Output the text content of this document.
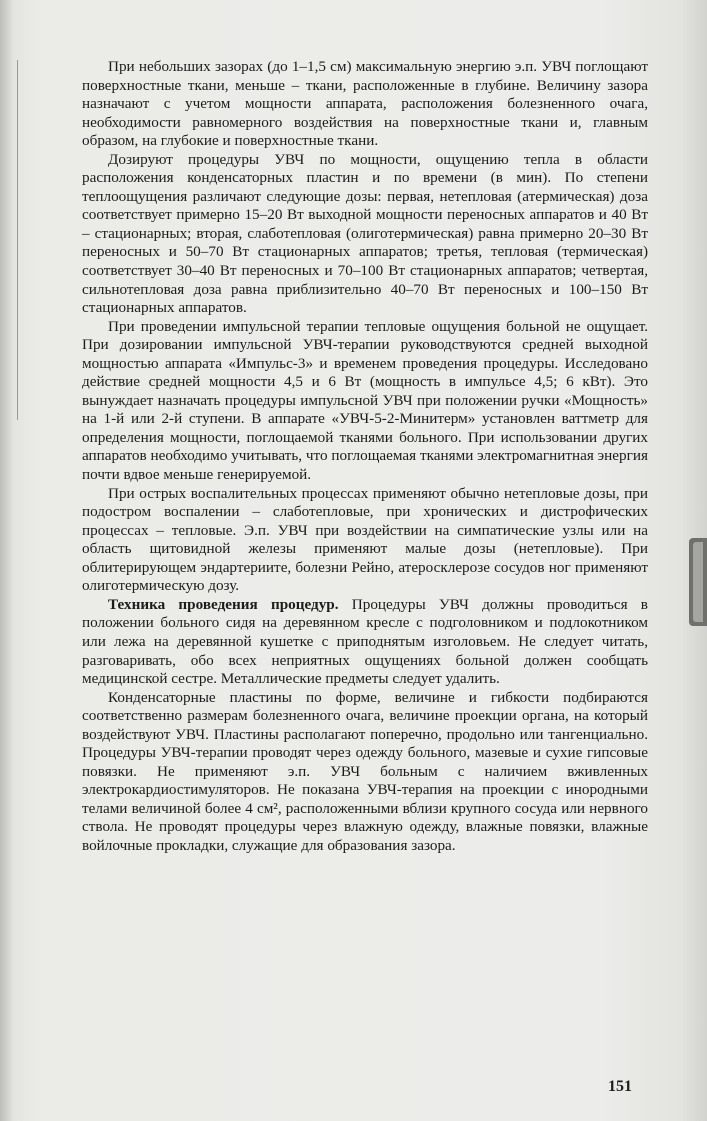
При небольших зазорах (до 1–1,5 см) максимальную энергию э.п. УВЧ поглощают поверхностные ткани, меньше – ткани, расположенные в глубине. Величину зазора назначают с учетом мощности аппарата, расположения болезненного очага, необходимости равномерного воздействия на поверхностные ткани и, главным образом, на глубокие и поверхностные ткани.

Дозируют процедуры УВЧ по мощности, ощущению тепла в области расположения конденсаторных пластин и по времени (в мин). По степени теплоощущения различают следующие дозы: первая, нетепловая (атермическая) доза соответствует примерно 15–20 Вт выходной мощности переносных аппаратов и 40 Вт – стационарных; вторая, слаботепловая (олиготермическая) равна примерно 20–30 Вт переносных и 50–70 Вт стационарных аппаратов; третья, тепловая (термическая) соответствует 30–40 Вт переносных и 70–100 Вт стационарных аппаратов; четвертая, сильнотепловая доза равна приблизительно 40–70 Вт переносных и 100–150 Вт стационарных аппаратов.

При проведении импульсной терапии тепловые ощущения больной не ощущает. При дозировании импульсной УВЧ-терапии руководствуются средней выходной мощностью аппарата «Импульс-3» и временем проведения процедуры. Исследовано действие средней мощности 4,5 и 6 Вт (мощность в импульсе 4,5; 6 кВт). Это вынуждает назначать процедуры импульсной УВЧ при положении ручки «Мощность» на 1-й или 2-й ступени. В аппарате «УВЧ-5-2-Минитерм» установлен ваттметр для определения мощности, поглощаемой тканями больного. При использовании других аппаратов необходимо учитывать, что поглощаемая тканями электромагнитная энергия почти вдвое меньше генерируемой.

При острых воспалительных процессах применяют обычно нетепловые дозы, при подостром воспалении – слаботепловые, при хронических и дистрофических процессах – тепловые. Э.п. УВЧ при воздействии на симпатические узлы или на область щитовидной железы применяют малые дозы (нетепловые). При облитерирующем эндартериите, болезни Рейно, атеросклерозе сосудов ног применяют олиготермическую дозу.

Техника проведения процедур. Процедуры УВЧ должны проводиться в положении больного сидя на деревянном кресле с подголовником и подлокотником или лежа на деревянной кушетке с приподнятым изголовьем. Не следует читать, разговаривать, обо всех неприятных ощущениях больной должен сообщать медицинской сестре. Металлические предметы следует удалить.

Конденсаторные пластины по форме, величине и гибкости подбираются соответственно размерам болезненного очага, величине проекции органа, на который воздействуют УВЧ. Пластины располагают поперечно, продольно или тангенциально. Процедуры УВЧ-терапии проводят через одежду больного, мазевые и сухие гипсовые повязки. Не применяют э.п. УВЧ больным с наличием вживленных электрокардиостимуляторов. Не показана УВЧ-терапия на проекции с инородными телами величиной более 4 см², расположенными вблизи крупного сосуда или нервного ствола. Не проводят процедуры через влажную одежду, влажные повязки, влажные войлочные прокладки, служащие для образования зазора.

151
